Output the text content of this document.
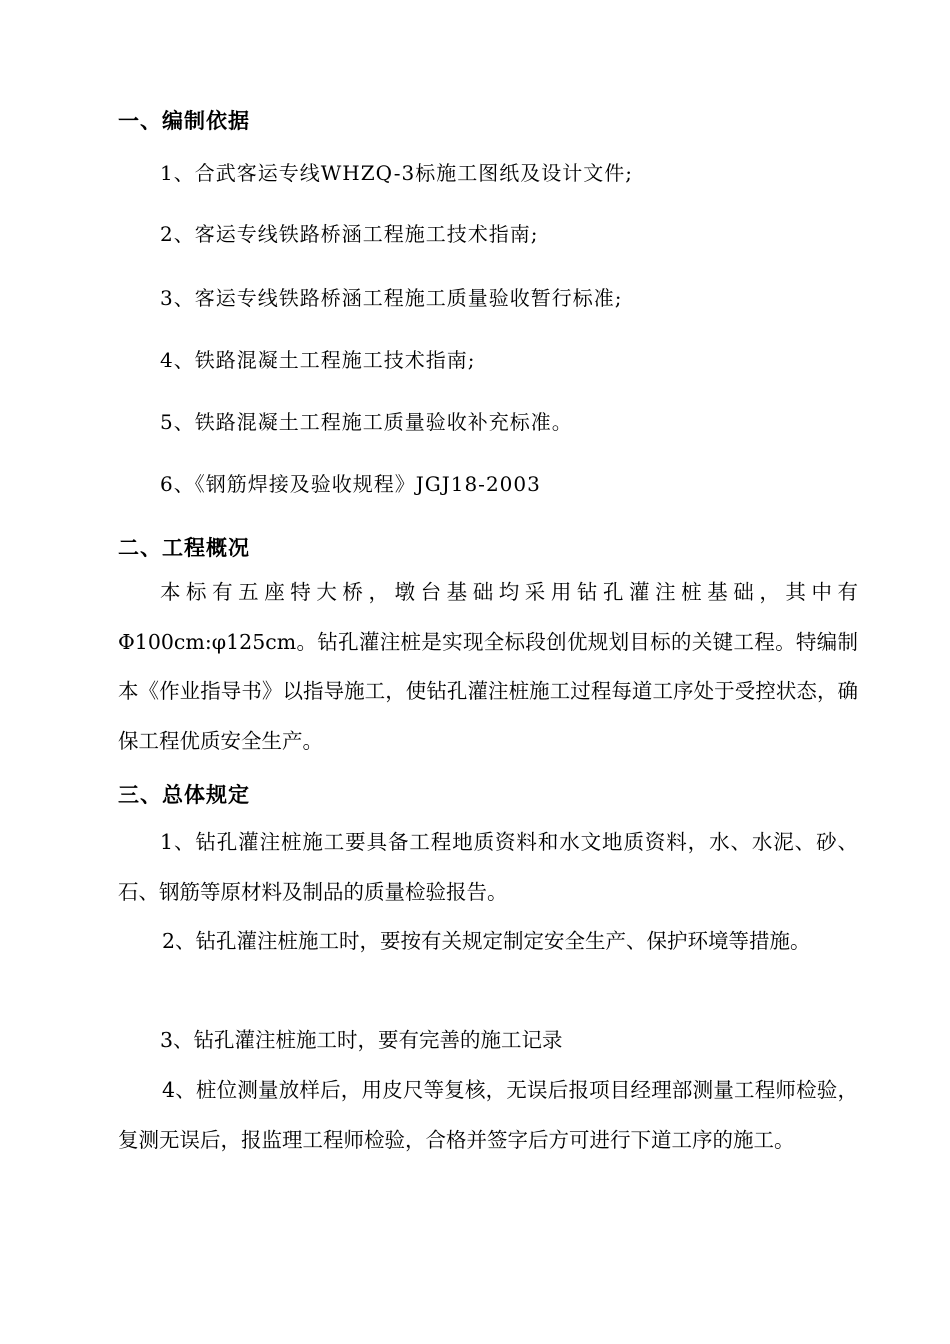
一、编制依据
1、合武客运专线WHZQ-3标施工图纸及设计文件;
2、客运专线铁路桥涵工程施工技术指南;
3、客运专线铁路桥涵工程施工质量验收暂行标准;
4、铁路混凝土工程施工技术指南;
5、铁路混凝土工程施工质量验收补充标准。
6、《钢筋焊接及验收规程》JGJ18-2003
二、工程概况
本标有五座特大桥，墩台基础均采用钻孔灌注桩基础，其中有Φ100cm:φ125cm。钻孔灌注桩是实现全标段创优规划目标的关键工程。特编制本《作业指导书》以指导施工，使钻孔灌注桩施工过程每道工序处于受控状态，确保工程优质安全生产。
三、总体规定
1、钻孔灌注桩施工要具备工程地质资料和水文地质资料，水、水泥、砂、石、钢筋等原材料及制品的质量检验报告。
2、钻孔灌注桩施工时，要按有关规定制定安全生产、保护环境等措施。
3、钻孔灌注桩施工时，要有完善的施工记录
4、桩位测量放样后，用皮尺等复核，无误后报项目经理部测量工程师检验，复测无误后，报监理工程师检验，合格并签字后方可进行下道工序的施工。
